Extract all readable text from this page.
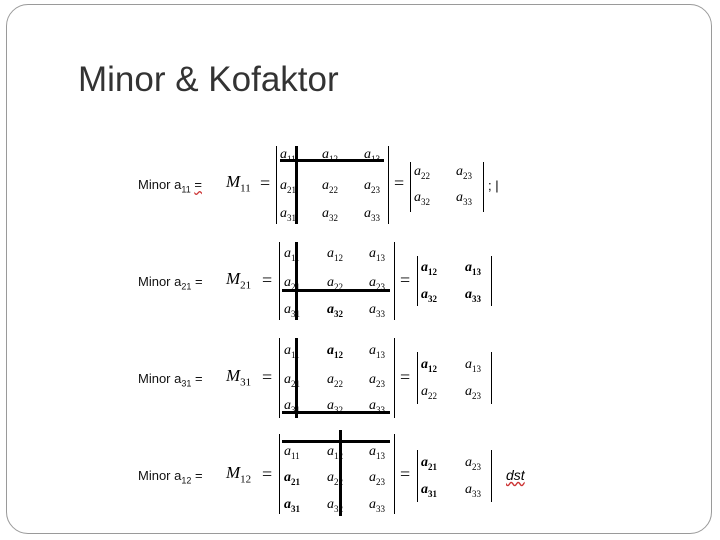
Minor & Kofaktor
Minor $a_{11} = M_{11}$ =
$a_{11}$ $a_{12}$ $a_{13}$
$a_{21}$ $a_{22}$ $a_{23}$
$a_{31}$ $a_{32}$ $a_{33}$
=
$a_{22}$ $a_{23}$
$a_{32}$ $a_{33}$
; |
Minor $a_{21} = M_{21}$ =
$a_{11}$ $a_{12}$ $a_{13}$
$a_{21}$ $a_{22}$ $a_{23}$
$a_{31}$ $a_{32}$ $a_{33}$
=
$a_{12}$ $a_{13}$
$a_{32}$ $a_{33}$
Minor $a_{31} = M_{31}$ =
$a_{11}$ $a_{12}$ $a_{13}$
$a_{21}$ $a_{22}$ $a_{23}$
$a_{31}$ $a_{32}$ $a_{33}$
=
$a_{12}$ $a_{13}$
$a_{22}$ $a_{23}$
Minor $a_{12} = M_{12}$ =
$a_{11}$ $a_{12}$ $a_{13}$
$a_{21}$ $a_{22}$ $a_{23}$
$a_{31}$ $a_{32}$ $a_{33}$
=
$a_{21}$ $a_{23}$
$a_{31}$ $a_{33}$
dst
